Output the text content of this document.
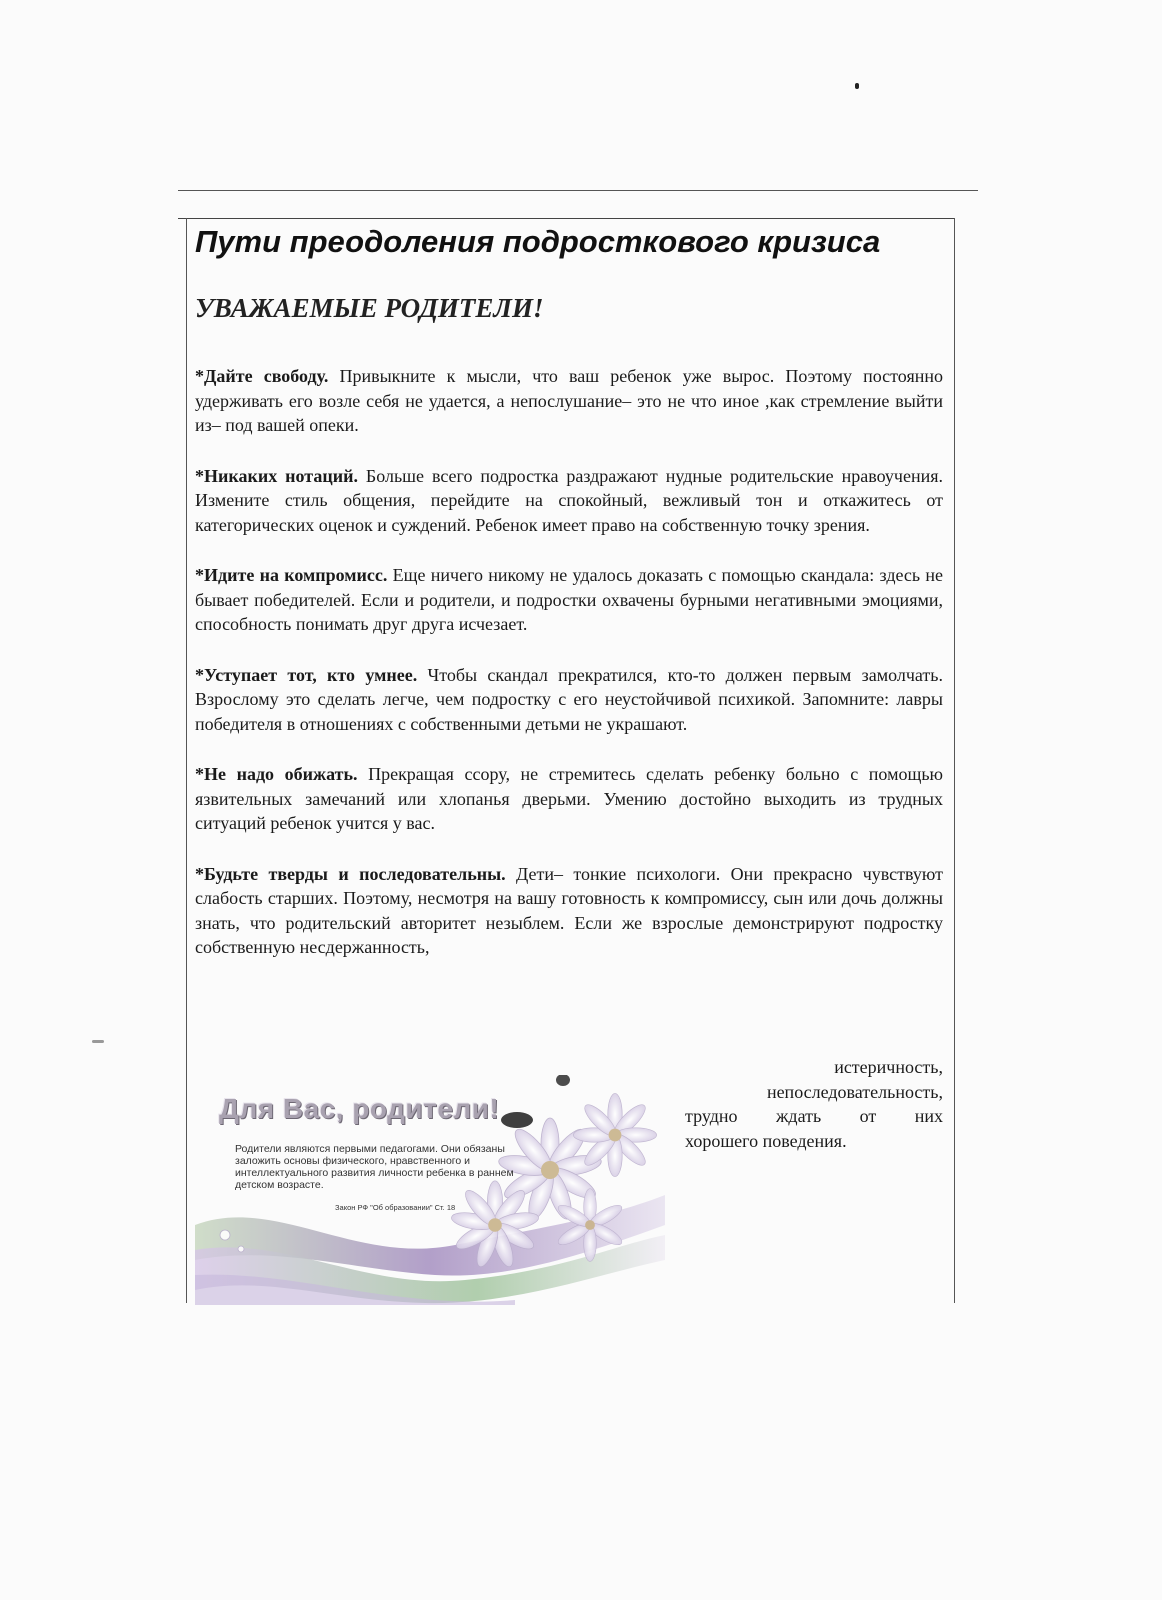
Пути преодоления подросткового кризиса
УВАЖАЕМЫЕ РОДИТЕЛИ!

*Дайте свободу. Привыкните к мысли, что ваш ребенок уже вырос. Поэтому постоянно удерживать его возле себя не удается, а непослушание– это не что иное ,как стремление выйти из– под вашей опеки.

*Никаких нотаций. Больше всего подростка раздражают нудные родительские нравоучения. Измените стиль общения, перейдите на спокойный, вежливый тон и откажитесь от категорических оценок и суждений. Ребенок имеет право на собственную точку зрения.

*Идите на компромисс. Еще ничего никому не удалось доказать с помощью скандала: здесь не бывает победителей. Если и родители, и подростки охвачены бурными негативными эмоциями, способность понимать друг друга исчезает.

*Уступает тот, кто умнее. Чтобы скандал прекратился, кто-то должен первым замолчать. Взрослому это сделать легче, чем подростку с его неустойчивой психикой. Запомните: лавры победителя в отношениях с собственными детьми не украшают.

*Не надо обижать. Прекращая ссору, не стремитесь сделать ребенку больно с помощью язвительных замечаний или хлопанья дверьми. Умению достойно выходить из трудных ситуаций ребенок учится у вас.

*Будьте тверды и последовательны. Дети– тонкие психологи. Они прекрасно чувствуют слабость старших. Поэтому, несмотря на вашу готовность к компромиссу, сын или дочь должны знать, что родительский авторитет незыблем. Если же взрослые демонстрируют подростку собственную несдержанность,

истеричность,
непоследовательность,
трудно ждать от них
хорошего поведения.
Для Вас, родители!
Родители являются первыми педагогами. Они обязаны заложить основы физического, нравственного и интеллектуального развития личности ребенка в раннем детском возрасте.
Закон РФ "Об образовании" Ст. 18
